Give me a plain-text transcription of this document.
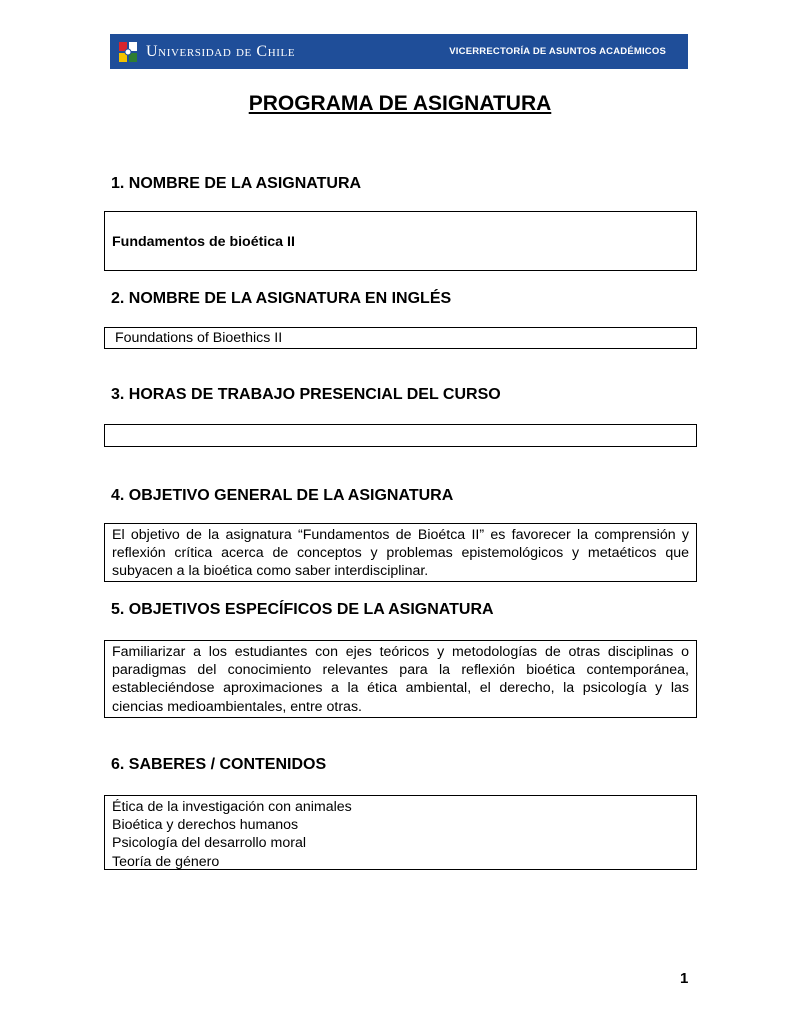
Universidad de Chile	VICERRECTORÍA DE ASUNTOS ACADÉMICOS
PROGRAMA DE ASIGNATURA
1. NOMBRE DE LA ASIGNATURA
Fundamentos de bioética II
2. NOMBRE DE LA ASIGNATURA EN INGLÉS
Foundations of Bioethics II
3. HORAS DE TRABAJO PRESENCIAL DEL CURSO
4. OBJETIVO GENERAL DE LA ASIGNATURA
El objetivo de la asignatura “Fundamentos de Bioétca II” es favorecer la comprensión y reflexión crítica acerca de conceptos y problemas epistemológicos y metaéticos que subyacen a la bioética como saber interdisciplinar.
5. OBJETIVOS ESPECÍFICOS DE LA ASIGNATURA
Familiarizar a los estudiantes con ejes teóricos y metodologías de otras disciplinas o paradigmas del conocimiento relevantes para la reflexión bioética contemporánea, estableciéndose aproximaciones a la ética ambiental, el derecho, la psicología y las ciencias medioambientales, entre otras.
6. SABERES / CONTENIDOS
Ética de la investigación con animales
Bioética y derechos humanos
Psicología del desarrollo moral
Teoría de género
1
